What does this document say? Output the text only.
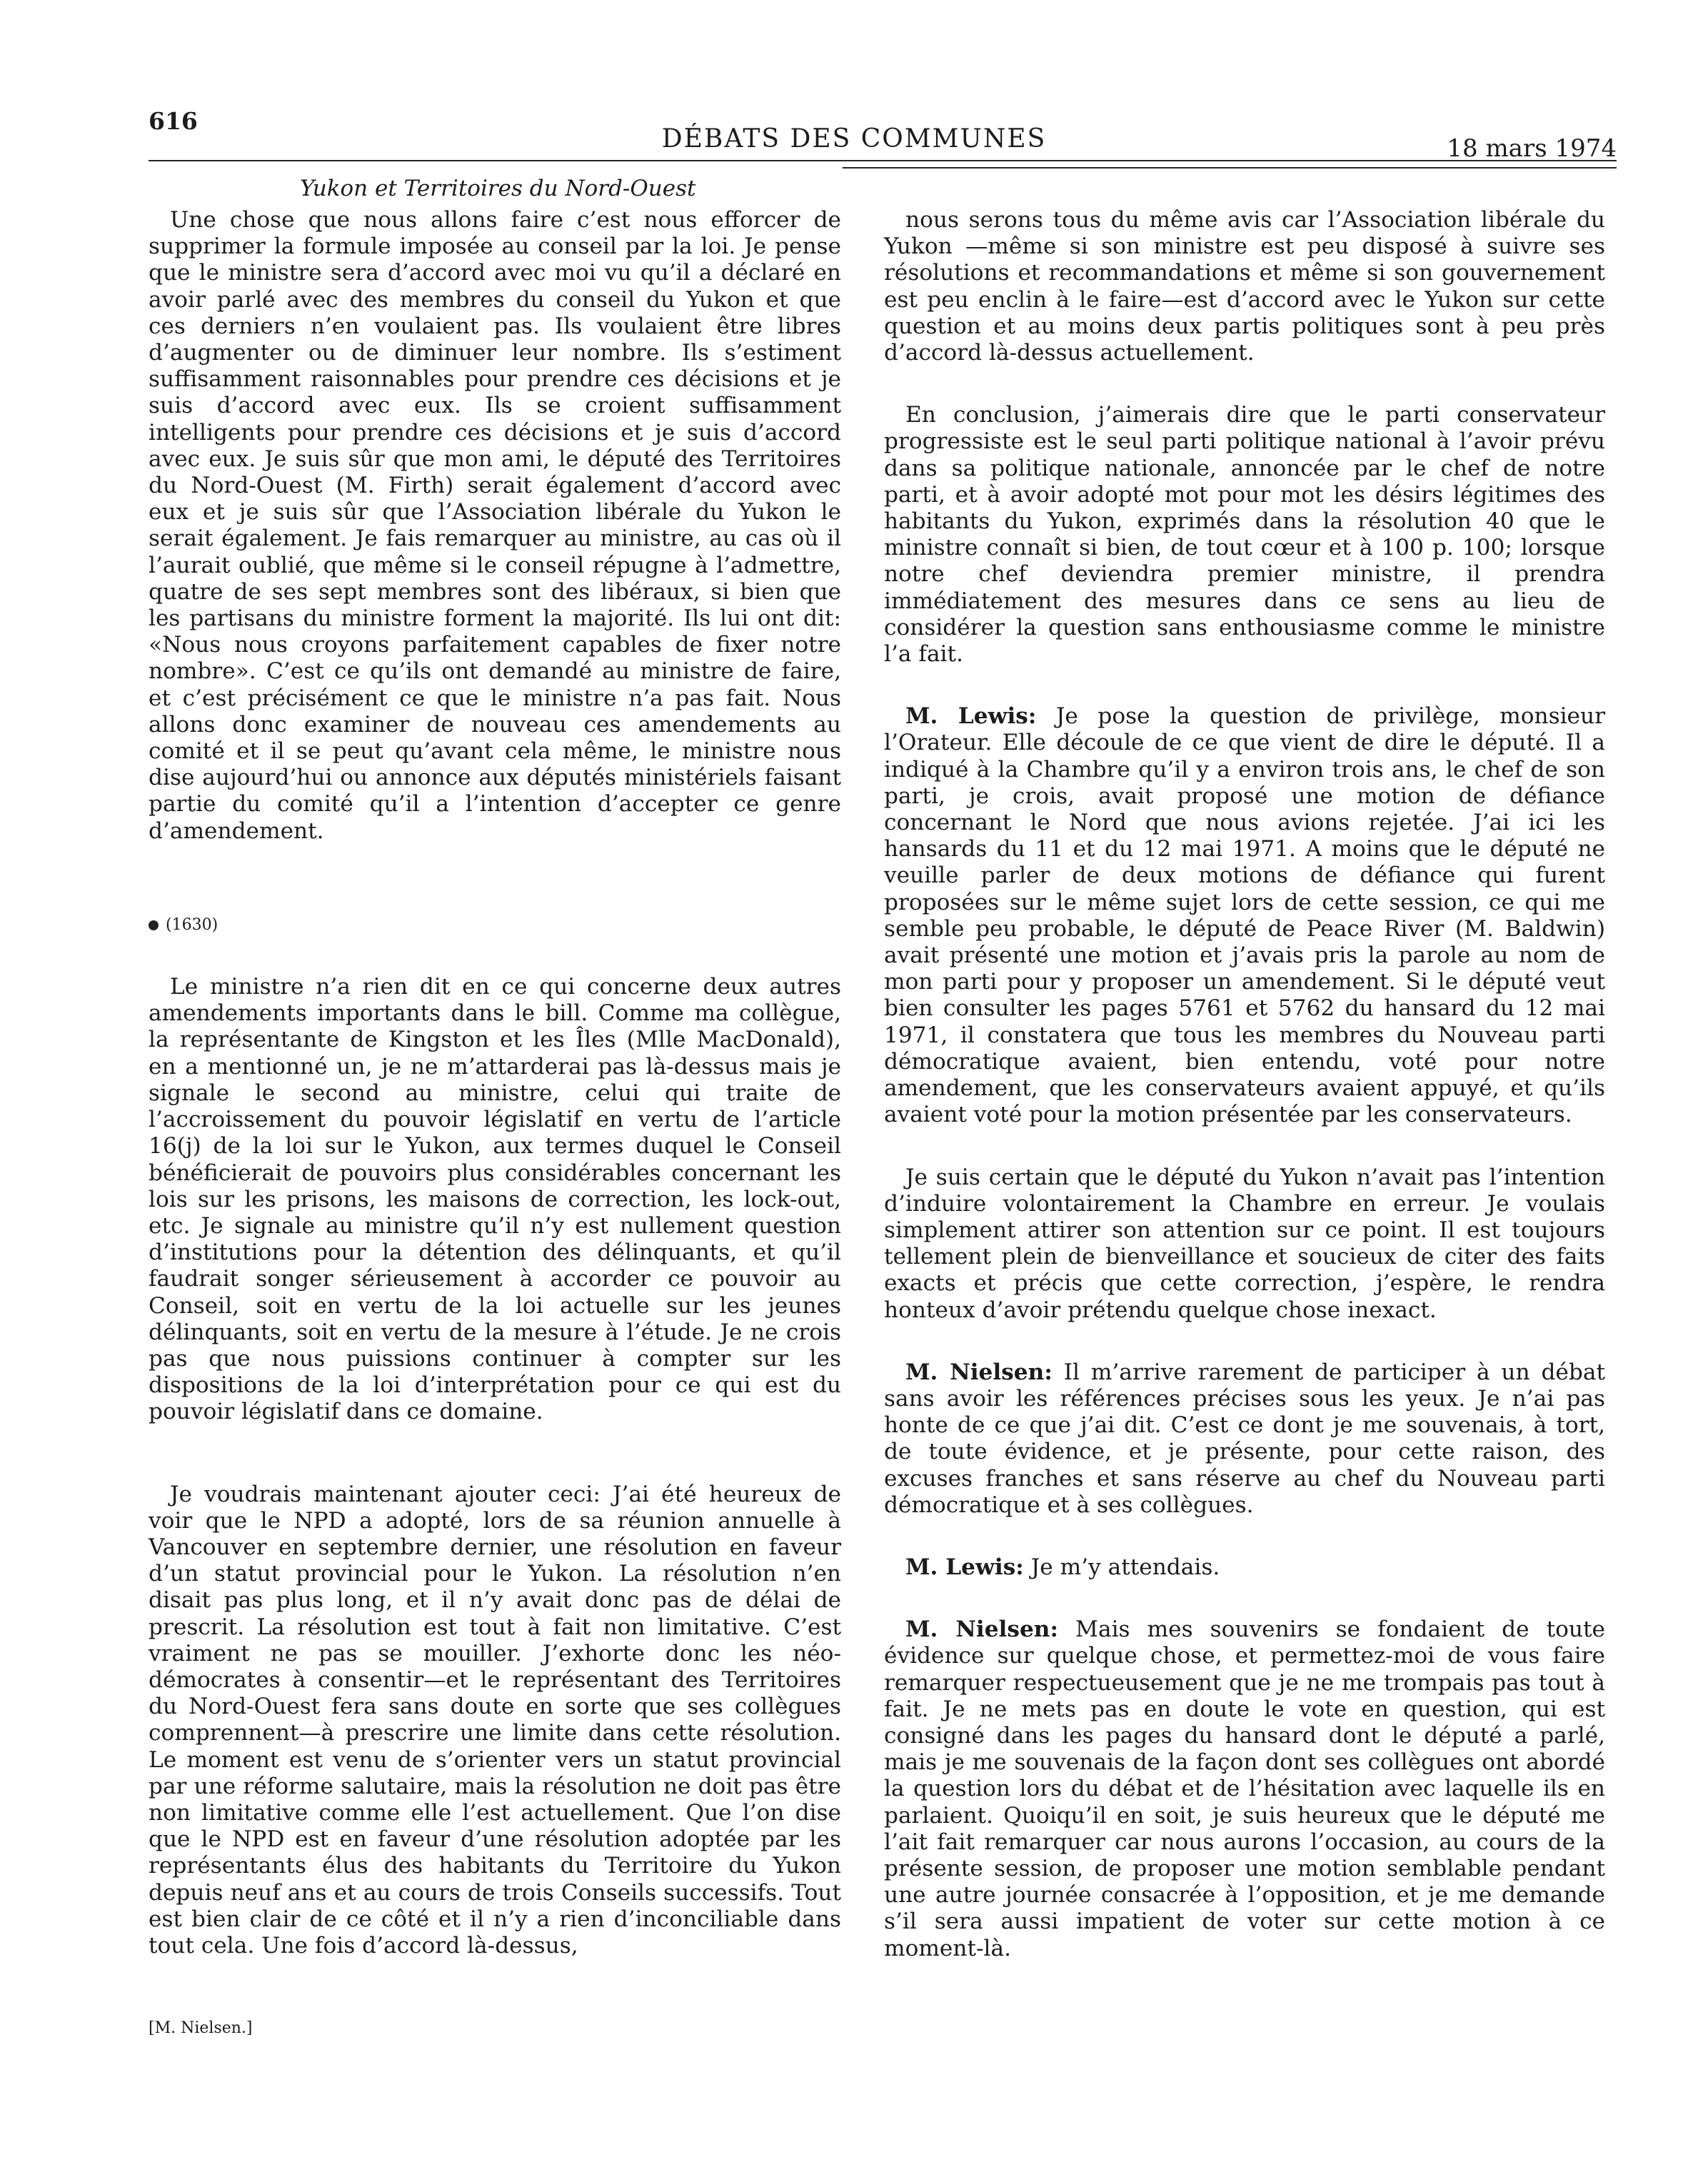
616
DÉBATS DES COMMUNES	18 mars 1974
Yukon et Territoires du Nord-Ouest

Une chose que nous allons faire c’est nous efforcer de supprimer la formule imposée au conseil par la loi. Je pense que le ministre sera d’accord avec moi vu qu’il a déclaré en avoir parlé avec des membres du conseil du Yukon et que ces derniers n’en voulaient pas. Ils voulaient être libres d’augmenter ou de diminuer leur nombre. Ils s’estiment suffisamment raisonnables pour prendre ces décisions et je suis d’accord avec eux. Ils se croient suffisamment intelligents pour prendre ces décisions et je suis d’accord avec eux. Je suis sûr que mon ami, le député des Territoires du Nord-Ouest (M. Firth) serait également d’accord avec eux et je suis sûr que l’Association libérale du Yukon le serait également. Je fais remarquer au ministre, au cas où il l’aurait oublié, que même si le conseil répugne à l’admettre, quatre de ses sept membres sont des libéraux, si bien que les partisans du ministre forment la majorité. Ils lui ont dit: «Nous nous croyons parfaitement capables de fixer notre nombre». C’est ce qu’ils ont demandé au ministre de faire, et c’est précisément ce que le ministre n’a pas fait. Nous allons donc examiner de nouveau ces amendements au comité et il se peut qu’avant cela même, le ministre nous dise aujourd’hui ou annonce aux députés ministériels faisant partie du comité qu’il a l’intention d’accepter ce genre d’amendement.

(1630)

Le ministre n’a rien dit en ce qui concerne deux autres amendements importants dans le bill. Comme ma collègue, la représentante de Kingston et les Îles (Mlle MacDonald), en a mentionné un, je ne m’attarderai pas là-dessus mais je signale le second au ministre, celui qui traite de l’accroissement du pouvoir législatif en vertu de l’article 16(j) de la loi sur le Yukon, aux termes duquel le Conseil bénéficierait de pouvoirs plus considérables concernant les lois sur les prisons, les maisons de correction, les lock-out, etc. Je signale au ministre qu’il n’y est nullement question d’institutions pour la détention des délinquants, et qu’il faudrait songer sérieusement à accorder ce pouvoir au Conseil, soit en vertu de la loi actuelle sur les jeunes délinquants, soit en vertu de la mesure à l’étude. Je ne crois pas que nous puissions continuer à compter sur les dispositions de la loi d’interprétation pour ce qui est du pouvoir législatif dans ce domaine.

Je voudrais maintenant ajouter ceci: J’ai été heureux de voir que le NPD a adopté, lors de sa réunion annuelle à Vancouver en septembre dernier, une résolution en faveur d’un statut provincial pour le Yukon. La résolution n’en disait pas plus long, et il n’y avait donc pas de délai de prescrit. La résolution est tout à fait non limitative. C’est vraiment ne pas se mouiller. J’exhorte donc les néo-démocrates à consentir—et le représentant des Territoires du Nord-Ouest fera sans doute en sorte que ses collègues comprennent—à prescrire une limite dans cette résolution. Le moment est venu de s’orienter vers un statut provincial par une réforme salutaire, mais la résolution ne doit pas être non limitative comme elle l’est actuellement. Que l’on dise que le NPD est en faveur d’une résolution adoptée par les représentants élus des habitants du Territoire du Yukon depuis neuf ans et au cours de trois Conseils successifs. Tout est bien clair de ce côté et il n’y a rien d’inconciliable dans tout cela. Une fois d’accord là-dessus,

[M. Nielsen.]

nous serons tous du même avis car l’Association libérale du Yukon —même si son ministre est peu disposé à suivre ses résolutions et recommandations et même si son gouvernement est peu enclin à le faire—est d’accord avec le Yukon sur cette question et au moins deux partis politiques sont à peu près d’accord là-dessus actuellement.

En conclusion, j’aimerais dire que le parti conservateur progressiste est le seul parti politique national à l’avoir prévu dans sa politique nationale, annoncée par le chef de notre parti, et à avoir adopté mot pour mot les désirs légitimes des habitants du Yukon, exprimés dans la résolution 40 que le ministre connaît si bien, de tout cœur et à 100 p. 100; lorsque notre chef deviendra premier ministre, il prendra immédiatement des mesures dans ce sens au lieu de considérer la question sans enthousiasme comme le ministre l’a fait.

M. Lewis: Je pose la question de privilège, monsieur l’Orateur. Elle découle de ce que vient de dire le député. Il a indiqué à la Chambre qu’il y a environ trois ans, le chef de son parti, je crois, avait proposé une motion de défiance concernant le Nord que nous avions rejetée. J’ai ici les hansards du 11 et du 12 mai 1971. A moins que le député ne veuille parler de deux motions de défiance qui furent proposées sur le même sujet lors de cette session, ce qui me semble peu probable, le député de Peace River (M. Baldwin) avait présenté une motion et j’avais pris la parole au nom de mon parti pour y proposer un amendement. Si le député veut bien consulter les pages 5761 et 5762 du hansard du 12 mai 1971, il constatera que tous les membres du Nouveau parti démocratique avaient, bien entendu, voté pour notre amendement, que les conservateurs avaient appuyé, et qu’ils avaient voté pour la motion présentée par les conservateurs.

Je suis certain que le député du Yukon n’avait pas l’intention d’induire volontairement la Chambre en erreur. Je voulais simplement attirer son attention sur ce point. Il est toujours tellement plein de bienveillance et soucieux de citer des faits exacts et précis que cette correction, j’espère, le rendra honteux d’avoir prétendu quelque chose inexact.

M. Nielsen: Il m’arrive rarement de participer à un débat sans avoir les références précises sous les yeux. Je n’ai pas honte de ce que j’ai dit. C’est ce dont je me souvenais, à tort, de toute évidence, et je présente, pour cette raison, des excuses franches et sans réserve au chef du Nouveau parti démocratique et à ses collègues.

M. Lewis: Je m’y attendais.

M. Nielsen: Mais mes souvenirs se fondaient de toute évidence sur quelque chose, et permettez-moi de vous faire remarquer respectueusement que je ne me trompais pas tout à fait. Je ne mets pas en doute le vote en question, qui est consigné dans les pages du hansard dont le député a parlé, mais je me souvenais de la façon dont ses collègues ont abordé la question lors du débat et de l’hésitation avec laquelle ils en parlaient. Quoiqu’il en soit, je suis heureux que le député me l’ait fait remarquer car nous aurons l’occasion, au cours de la présente session, de proposer une motion semblable pendant une autre journée consacrée à l’opposition, et je me demande s’il sera aussi impatient de voter sur cette motion à ce moment-là.
